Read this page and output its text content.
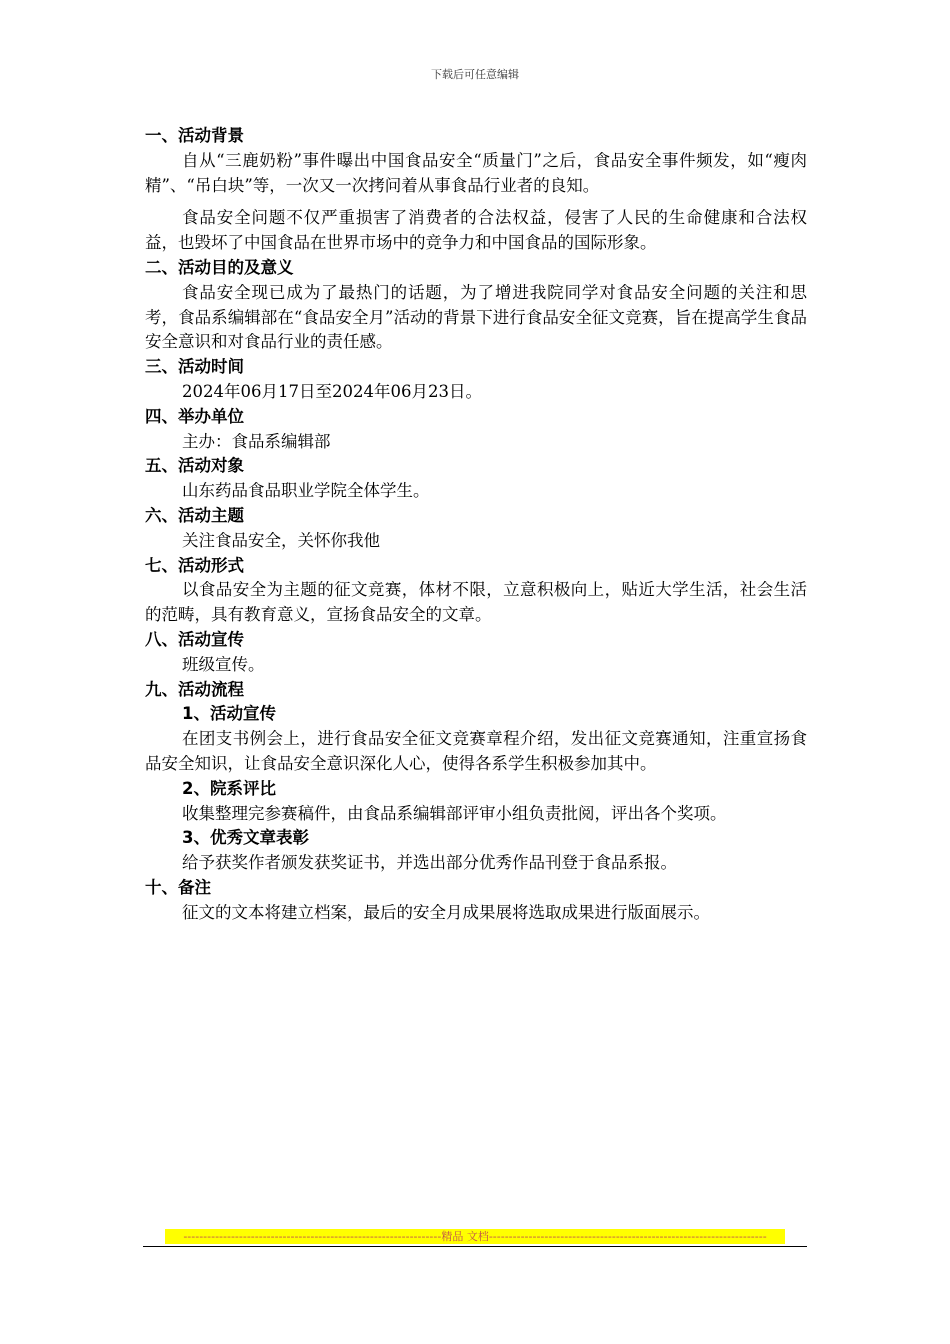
下载后可任意编辑
一、活动背景

自从“三鹿奶粉”事件曝出中国食品安全“质量门”之后，食品安全事件频发，如“瘦肉精”、“吊白块”等，一次又一次拷问着从事食品行业者的良知。

食品安全问题不仅严重损害了消费者的合法权益，侵害了人民的生命健康和合法权益，也毁坏了中国食品在世界市场中的竞争力和中国食品的国际形象。

二、活动目的及意义

食品安全现已成为了最热门的话题，为了增进我院同学对食品安全问题的关注和思考，食品系编辑部在“食品安全月”活动的背景下进行食品安全征文竞赛，旨在提高学生食品安全意识和对食品行业的责任感。

三、活动时间

2024年06月17日至2024年06月23日。

四、举办单位

主办：食品系编辑部

五、活动对象

山东药品食品职业学院全体学生。

六、活动主题

关注食品安全，关怀你我他

七、活动形式

以食品安全为主题的征文竞赛，体材不限，立意积极向上，贴近大学生活，社会生活的范畴，具有教育意义，宣扬食品安全的文章。

八、活动宣传

班级宣传。

九、活动流程
1、活动宣传

在团支书例会上，进行食品安全征文竞赛章程介绍，发出征文竞赛通知，注重宣扬食品安全知识，让食品安全意识深化人心，使得各系学生积极参加其中。

2、院系评比

收集整理完参赛稿件，由食品系编辑部评审小组负责批阅，评出各个奖项。

3、优秀文章表彰

给予获奖作者颁发获奖证书，并选出部分优秀作品刊登于食品系报。

十、备注

征文的文本将建立档案，最后的安全月成果展将选取成果进行版面展示。

-----------------------------------------------------------------精品 文档----------------------------------------------------------------------
